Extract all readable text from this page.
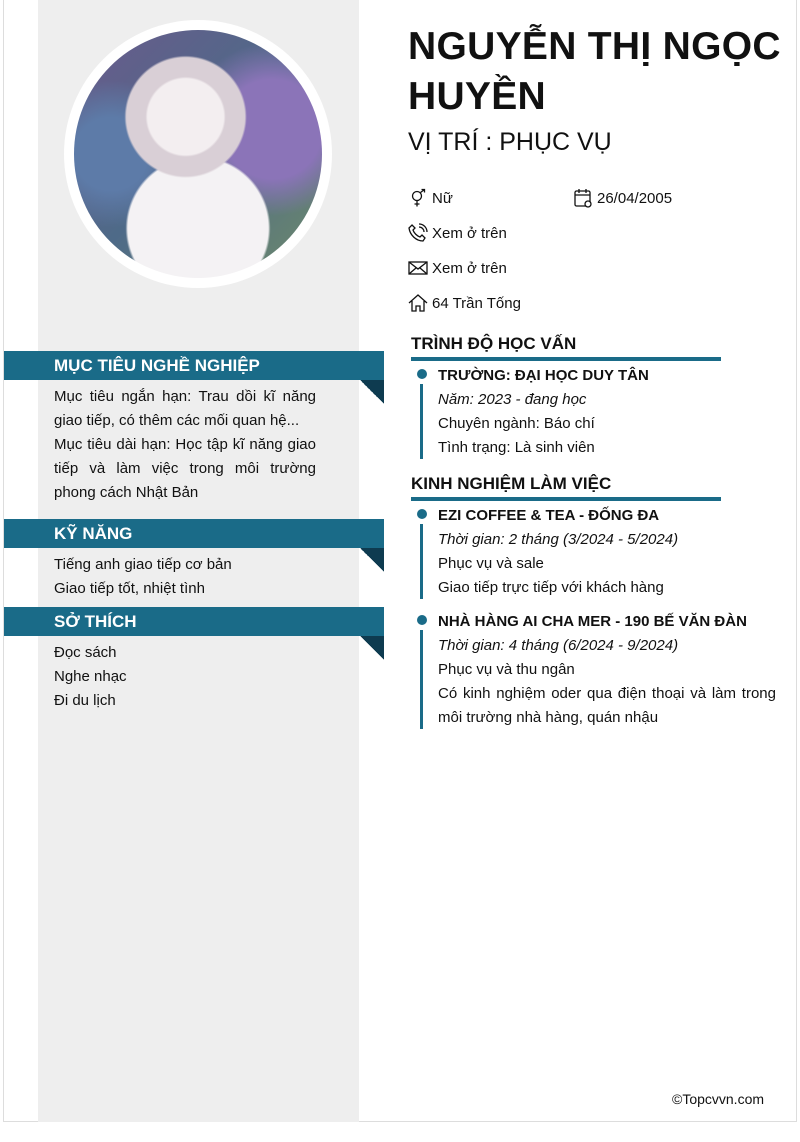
MỤC TIÊU NGHỀ NGHIỆP
Mục tiêu ngắn hạn: Trau dồi kĩ năng giao tiếp, có thêm các mối quan hệ...
Mục tiêu dài hạn: Học tập kĩ năng giao tiếp và làm việc trong môi trường phong cách Nhật Bản
KỸ NĂNG
Tiếng anh giao tiếp cơ bản
Giao tiếp tốt, nhiệt tình
SỞ THÍCH
Đọc sách
Nghe nhạc
Đi du lịch
NGUYỄN THỊ NGỌC HUYỀN
VỊ TRÍ : PHỤC VỤ
Nữ	26/04/2005
Xem ở trên
Xem ở trên
64 Trần Tống
TRÌNH ĐỘ HỌC VẤN
TRƯỜNG: ĐẠI HỌC DUY TÂN
Năm: 2023 - đang học
Chuyên ngành: Báo chí
Tình trạng: Là sinh viên
KINH NGHIỆM LÀM VIỆC
EZI COFFEE & TEA - ĐỐNG ĐA
Thời gian: 2 tháng (3/2024 - 5/2024)
Phục vụ và sale
Giao tiếp trực tiếp với khách hàng
NHÀ HÀNG AI CHA MER - 190 BẾ VĂN ĐÀN
Thời gian: 4 tháng (6/2024 - 9/2024)
Phục vụ và thu ngân
Có kinh nghiệm oder qua điện thoại và làm trong môi trường nhà hàng, quán nhậu
©Topcvvn.com
